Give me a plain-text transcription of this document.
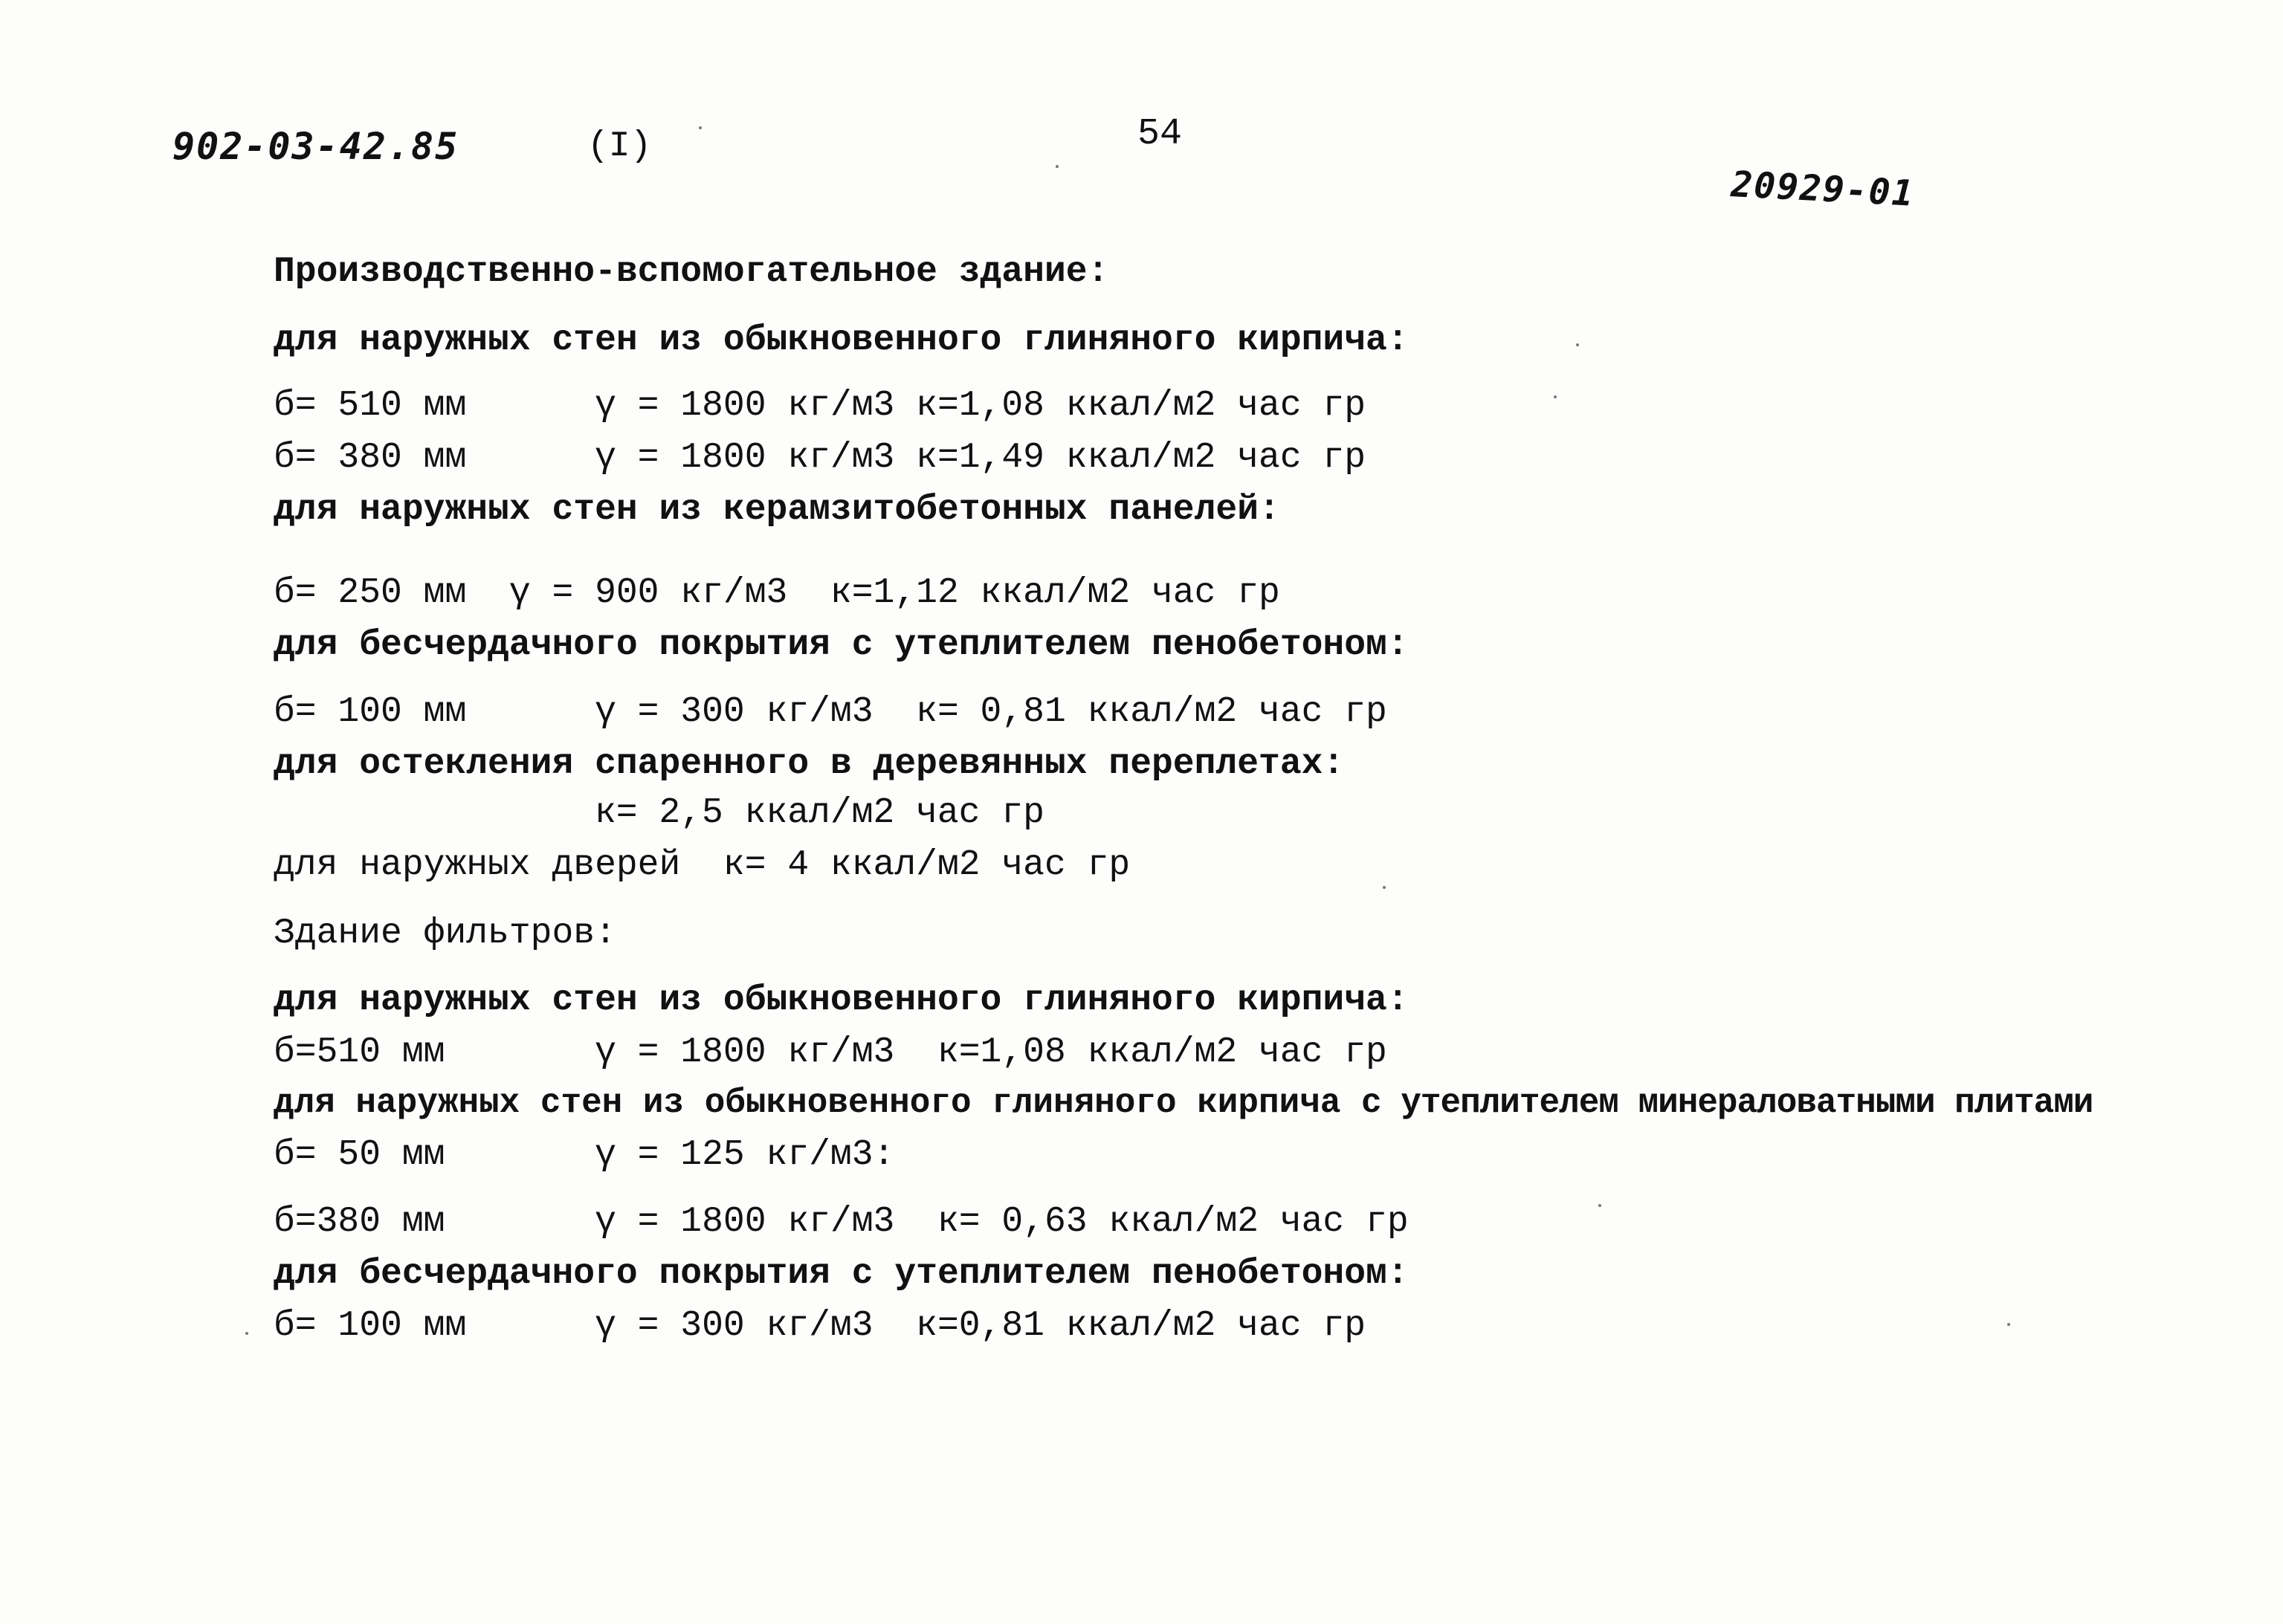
902-03-42.85	(I)	54
20929-01
Производственно-вспомогательное здание:
для наружных стен из обыкновенного глиняного кирпича:
б= 510 мм      γ = 1800 кг/м3 к=1,08 ккал/м2 час гр
б= 380 мм      γ = 1800 кг/м3 к=1,49 ккал/м2 час гр
для наружных стен из керамзитобетонных панелей:
б= 250 мм  γ = 900 кг/м3  к=1,12 ккал/м2 час гр
для бесчердачного покрытия с утеплителем пенобетоном:
б= 100 мм      γ = 300 кг/м3  к= 0,81 ккал/м2 час гр
для остекления спаренного в деревянных переплетах:
к= 2,5 ккал/м2 час гр
для наружных дверей  к= 4 ккал/м2 час гр
Здание фильтров:
для наружных стен из обыкновенного глиняного кирпича:
б=510 мм       γ = 1800 кг/м3  к=1,08 ккал/м2 час гр
для наружных стен из обыкновенного глиняного кирпича с утеплителем минераловатными плитами
б= 50 мм       γ = 125 кг/м3:
б=380 мм       γ = 1800 кг/м3  к= 0,63 ккал/м2 час гр
для бесчердачного покрытия с утеплителем пенобетоном:
б= 100 мм      γ = 300 кг/м3  к=0,81 ккал/м2 час гр
